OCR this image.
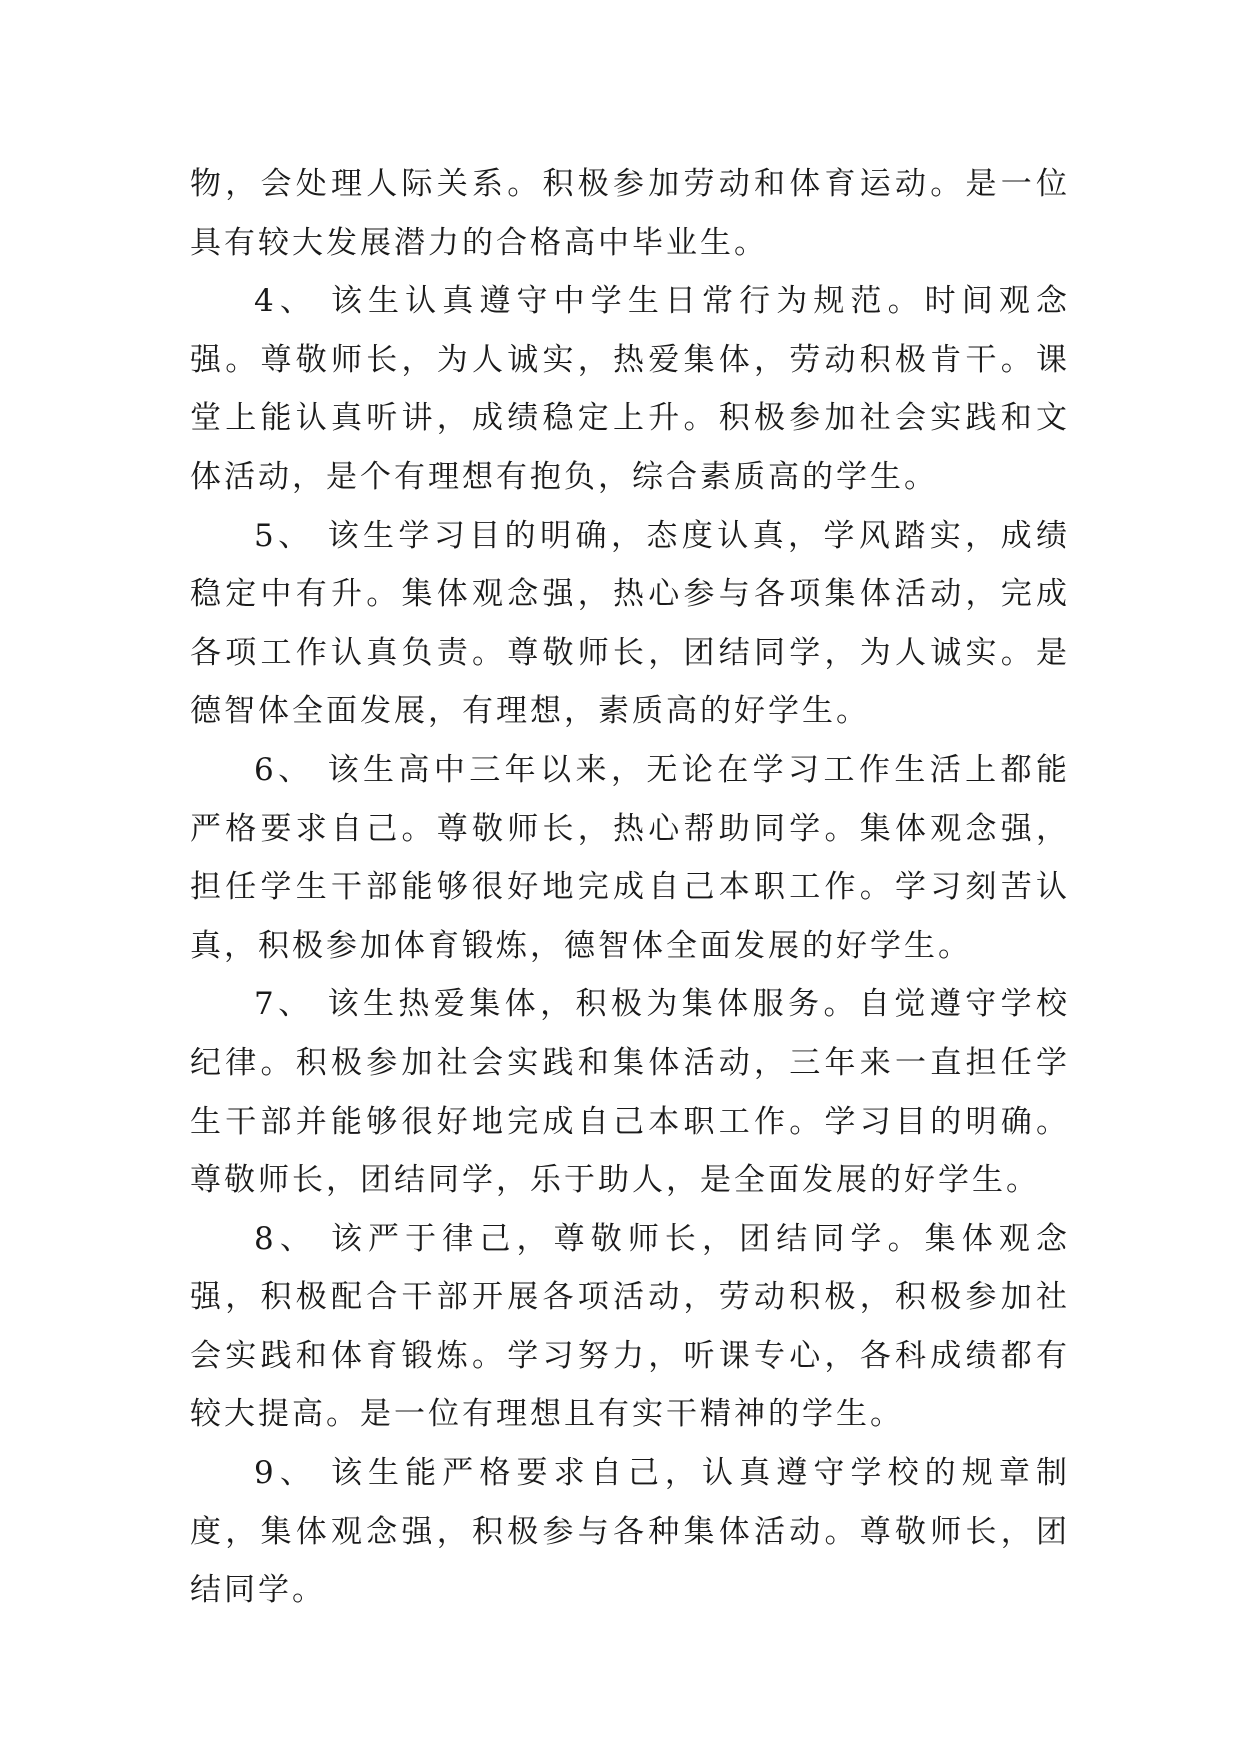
物，会处理人际关系。积极参加劳动和体育运动。是一位具有较大发展潜力的合格高中毕业生。

4、 该生认真遵守中学生日常行为规范。时间观念强。尊敬师长，为人诚实，热爱集体，劳动积极肯干。课堂上能认真听讲，成绩稳定上升。积极参加社会实践和文体活动，是个有理想有抱负，综合素质高的学生。

5、 该生学习目的明确，态度认真，学风踏实，成绩稳定中有升。集体观念强，热心参与各项集体活动，完成各项工作认真负责。尊敬师长，团结同学，为人诚实。是德智体全面发展，有理想，素质高的好学生。

6、 该生高中三年以来，无论在学习工作生活上都能严格要求自己。尊敬师长，热心帮助同学。集体观念强，担任学生干部能够很好地完成自己本职工作。学习刻苦认真，积极参加体育锻炼，德智体全面发展的好学生。

7、 该生热爱集体，积极为集体服务。自觉遵守学校纪律。积极参加社会实践和集体活动，三年来一直担任学生干部并能够很好地完成自己本职工作。学习目的明确。尊敬师长，团结同学，乐于助人，是全面发展的好学生。

8、 该严于律己，尊敬师长，团结同学。集体观念强，积极配合干部开展各项活动，劳动积极，积极参加社会实践和体育锻炼。学习努力，听课专心，各科成绩都有较大提高。是一位有理想且有实干精神的学生。

9、 该生能严格要求自己，认真遵守学校的规章制度，集体观念强，积极参与各种集体活动。尊敬师长，团结同学。
